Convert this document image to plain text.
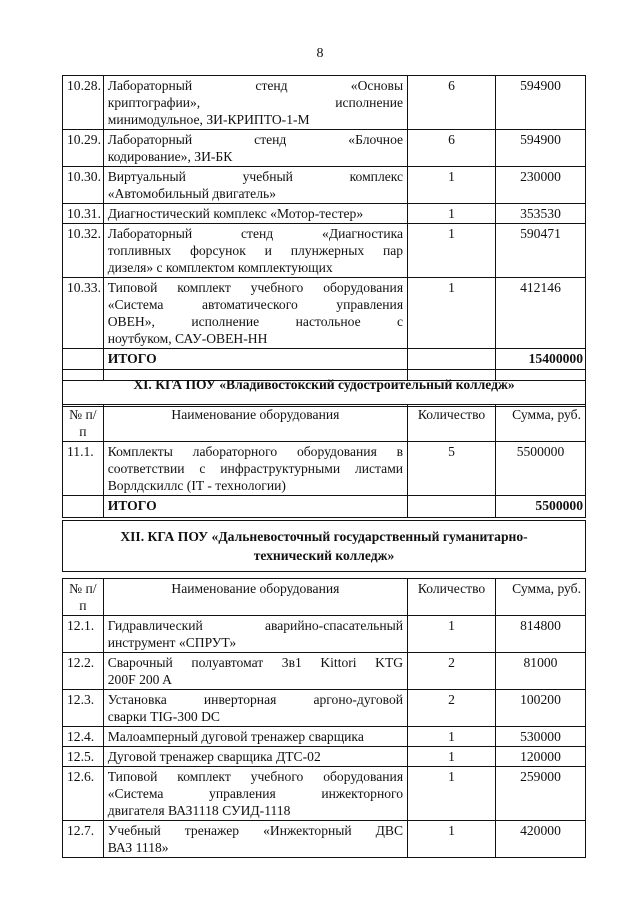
8
10.28.	Лабораторный стенд «Основы
криптографии», исполнение
минимодульное, ЗИ-КРИПТО-1-М	6	594900
10.29.	Лабораторный стенд «Блочное
кодирование», ЗИ-БК	6	594900
10.30.	Виртуальный учебный комплекс
«Автомобильный двигатель»	1	230000
10.31.	Диагностический комплекс «Мотор-тестер»	1	353530
10.32.	Лабораторный стенд «Диагностика
топливных форсунок и плунжерных пар
дизеля» с комплектом комплектующих	1	590471
10.33.	Типовой комплект учебного оборудования
«Система автоматического управления
ОВЕН», исполнение настольное с
ноутбуком, САУ-ОВЕН-НН	1	412146
	ИТОГО		15400000
XI. КГА ПОУ «Владивостокский судостроительный колледж»
№ п/п	Наименование оборудования	Количество	Сумма, руб.
11.1.	Комплекты лабораторного оборудования в
соответствии с инфраструктурными листами
Ворлдскиллс (IT - технологии)	5	5500000
	ИТОГО		5500000
XII. КГА ПОУ «Дальневосточный государственный гуманитарно-технический колледж»
№ п/п	Наименование оборудования	Количество	Сумма, руб.
12.1.	Гидравлический аварийно-спасательный
инструмент «СПРУТ»	1	814800
12.2.	Сварочный полуавтомат 3в1 Kittori KTG
200F 200 A	2	81000
12.3.	Установка инверторная аргоно-дуговой
сварки TIG-300 DC	2	100200
12.4.	Малоамперный дуговой тренажер сварщика	1	530000
12.5.	Дуговой тренажер сварщика ДТС-02	1	120000
12.6.	Типовой комплект учебного оборудования
«Система управления инжекторного
двигателя ВАЗ1118 СУИД-1118	1	259000
12.7.	Учебный тренажер «Инжекторный ДВС
ВАЗ 1118»	1	420000
